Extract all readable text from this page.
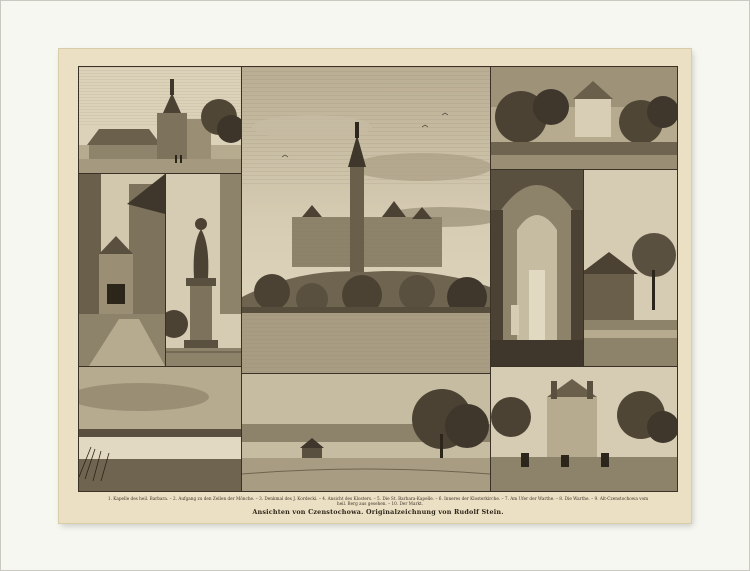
1. Kapelle des heil. Barbara. – 2. Aufgang zu den Zellen der Mönche. – 3. Denkmal des J. Kordecki. – 4. Ansicht des Klosters. – 5. Die St. Barbara-Kapelle. – 6. Inneres der Klosterkirche. – 7. Am Ufer der Warthe. – 8. Die Warthe. – 9. Alt-Czenstochowa vom
heil. Berg aus gesehen. – 10. Der Markt.
Ansichten von Czenstochowa. Originalzeichnung von Rudolf Stein.
